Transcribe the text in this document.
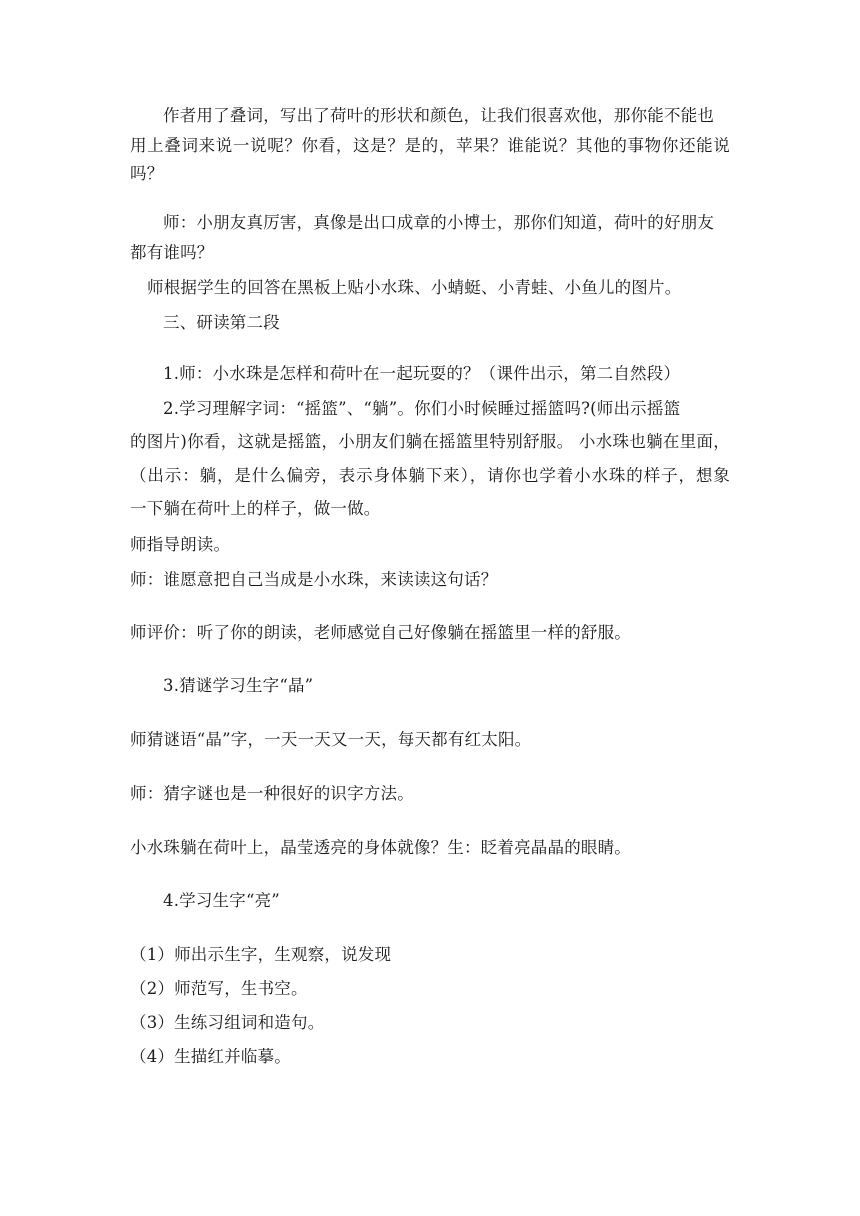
作者用了叠词，写出了荷叶的形状和颜色，让我们很喜欢他，那你能不能也
用上叠词来说一说呢？你看，这是？是的，苹果？谁能说？其他的事物你还能说
吗？
师：小朋友真厉害，真像是出口成章的小博士，那你们知道，荷叶的好朋友
都有谁吗？
师根据学生的回答在黑板上贴小水珠、小蜻蜓、小青蛙、小鱼儿的图片。
三、研读第二段
1.师：小水珠是怎样和荷叶在一起玩耍的？（课件出示，第二自然段）
2.学习理解字词：“摇篮”、“躺”。你们小时候睡过摇篮吗?(师出示摇篮
的图片)你看，这就是摇篮，小朋友们躺在摇篮里特别舒服。 小水珠也躺在里面，
（出示：躺，是什么偏旁，表示身体躺下来），请你也学着小水珠的样子，想象
一下躺在荷叶上的样子，做一做。
师指导朗读。
师：谁愿意把自己当成是小水珠，来读读这句话？
师评价：听了你的朗读，老师感觉自己好像躺在摇篮里一样的舒服。
3.猜谜学习生字“晶”
师猜谜语“晶”字，一天一天又一天，每天都有红太阳。
师：猜字谜也是一种很好的识字方法。
小水珠躺在荷叶上，晶莹透亮的身体就像？生：眨着亮晶晶的眼睛。
4.学习生字“亮”
（1）师出示生字，生观察，说发现
（2）师范写，生书空。
（3）生练习组词和造句。
（4）生描红并临摹。
